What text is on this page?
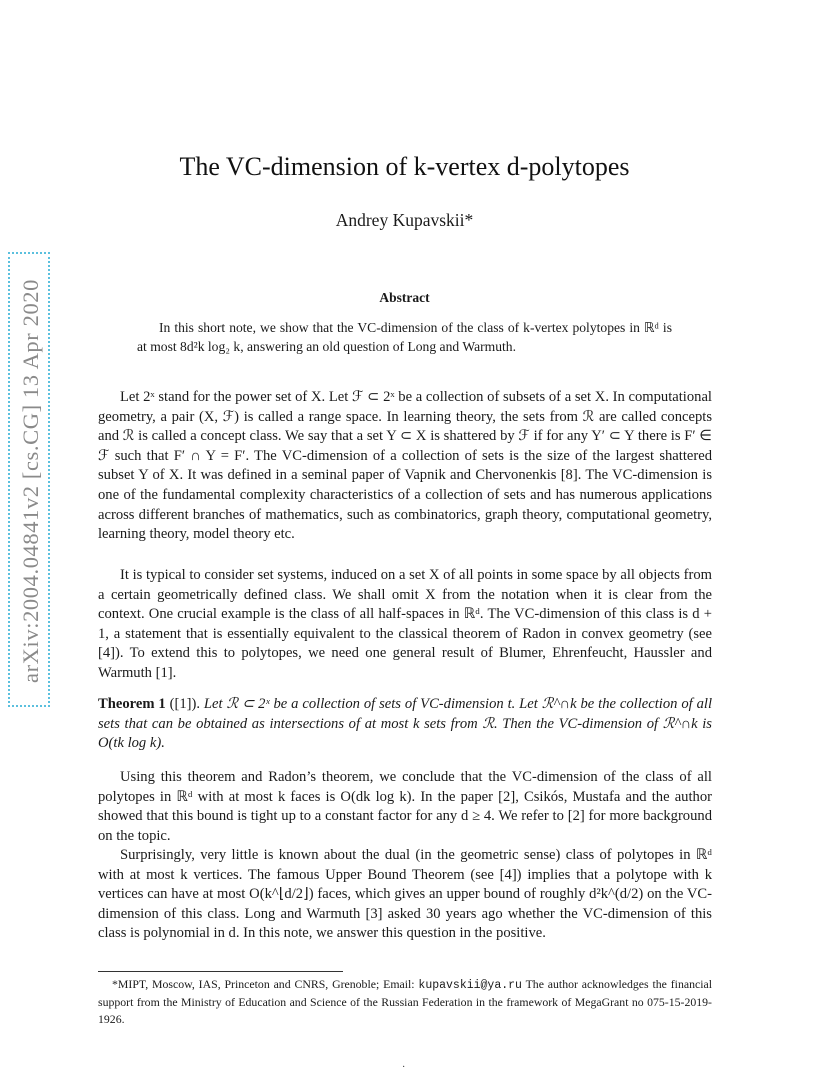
arXiv:2004.04841v2 [cs.CG] 13 Apr 2020
The VC-dimension of k-vertex d-polytopes
Andrey Kupavskii*
Abstract

In this short note, we show that the VC-dimension of the class of k-vertex polytopes in ℝᵈ is at most 8d²k log₂ k, answering an old question of Long and Warmuth.

Let 2ˣ stand for the power set of X. Let ℱ ⊂ 2ˣ be a collection of subsets of a set X. In computational geometry, a pair (X, ℱ) is called a range space. In learning theory, the sets from ℛ are called concepts and ℛ is called a concept class. We say that a set Y ⊂ X is shattered by ℱ if for any Y′ ⊂ Y there is F′ ∈ ℱ such that F′ ∩ Y = F′. The VC-dimension of a collection of sets is the size of the largest shattered subset Y of X. It was defined in a seminal paper of Vapnik and Chervonenkis [8]. The VC-dimension is one of the fundamental complexity characteristics of a collection of sets and has numerous applications across different branches of mathematics, such as combinatorics, graph theory, computational geometry, learning theory, model theory etc.

It is typical to consider set systems, induced on a set X of all points in some space by all objects from a certain geometrically defined class. We shall omit X from the notation when it is clear from the context. One crucial example is the class of all half-spaces in ℝᵈ. The VC-dimension of this class is d + 1, a statement that is essentially equivalent to the classical theorem of Radon in convex geometry (see [4]). To extend this to polytopes, we need one general result of Blumer, Ehrenfeucht, Haussler and Warmuth [1].

Theorem 1 ([1]). Let ℛ ⊂ 2ˣ be a collection of sets of VC-dimension t. Let ℛ^∩k be the collection of all sets that can be obtained as intersections of at most k sets from ℛ. Then the VC-dimension of ℛ^∩k is O(tk log k).

Using this theorem and Radon’s theorem, we conclude that the VC-dimension of the class of all polytopes in ℝᵈ with at most k faces is O(dk log k). In the paper [2], Csikós, Mustafa and the author showed that this bound is tight up to a constant factor for any d ≥ 4. We refer to [2] for more background on the topic.

Surprisingly, very little is known about the dual (in the geometric sense) class of polytopes in ℝᵈ with at most k vertices. The famous Upper Bound Theorem (see [4]) implies that a polytope with k vertices can have at most O(k^⌊d/2⌋) faces, which gives an upper bound of roughly d²k^(d/2) on the VC-dimension of this class. Long and Warmuth [3] asked 30 years ago whether the VC-dimension of this class is polynomial in d. In this note, we answer this question in the positive.

*MIPT, Moscow, IAS, Princeton and CNRS, Grenoble; Email: kupavskii@ya.ru The author acknowledges the financial support from the Ministry of Education and Science of the Russian Federation in the framework of MegaGrant no 075-15-2019-1926.

·
